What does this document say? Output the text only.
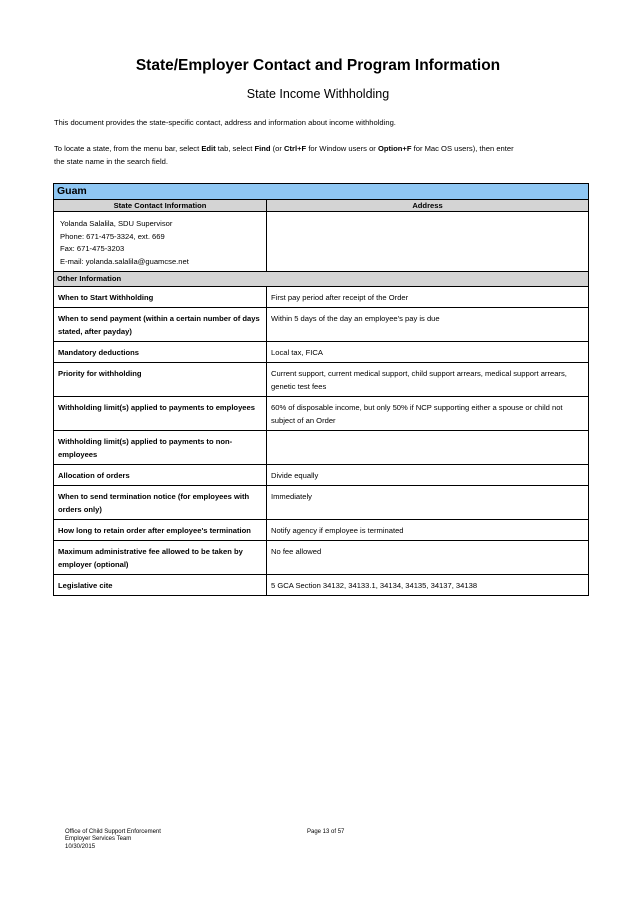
State/Employer Contact and Program Information
State Income Withholding
This document provides the state-specific contact, address and information about income withholding.
To locate a state, from the menu bar, select Edit tab, select Find (or Ctrl+F for Window users or Option+F for Mac OS users), then enter
the state name in the search field.
Guam	
State Contact Information	Address

Yolanda Salalila, SDU Supervisor
Phone: 671-475-3324, ext. 669
Fax: 671-475-3203
E-mail: yolanda.salalila@guamcse.net	

Other Information	
When to Start Withholding	First pay period after receipt of the Order
When to send payment (within a certain number of days stated, after payday)	Within 5 days of the day an employee's pay is due
Mandatory deductions	Local tax, FICA
Priority for withholding	Current support, current medical support, child support arrears, medical support arrears, genetic test fees
Withholding limit(s) applied to payments to employees	60% of disposable income, but only 50% if NCP supporting either a spouse or child not subject of an Order
Withholding limit(s) applied to payments to non-employees	
Allocation of orders	Divide equally
When to send termination notice (for employees with orders only)	Immediately
How long to retain order after employee's termination	Notify agency if employee is terminated
Maximum administrative fee allowed to be taken by employer (optional)	No fee allowed
Legislative cite	5 GCA Section 34132, 34133.1, 34134, 34135, 34137, 34138
Office of Child Support Enforcement
Employer Services Team
10/30/2015
Page 13 of 57
